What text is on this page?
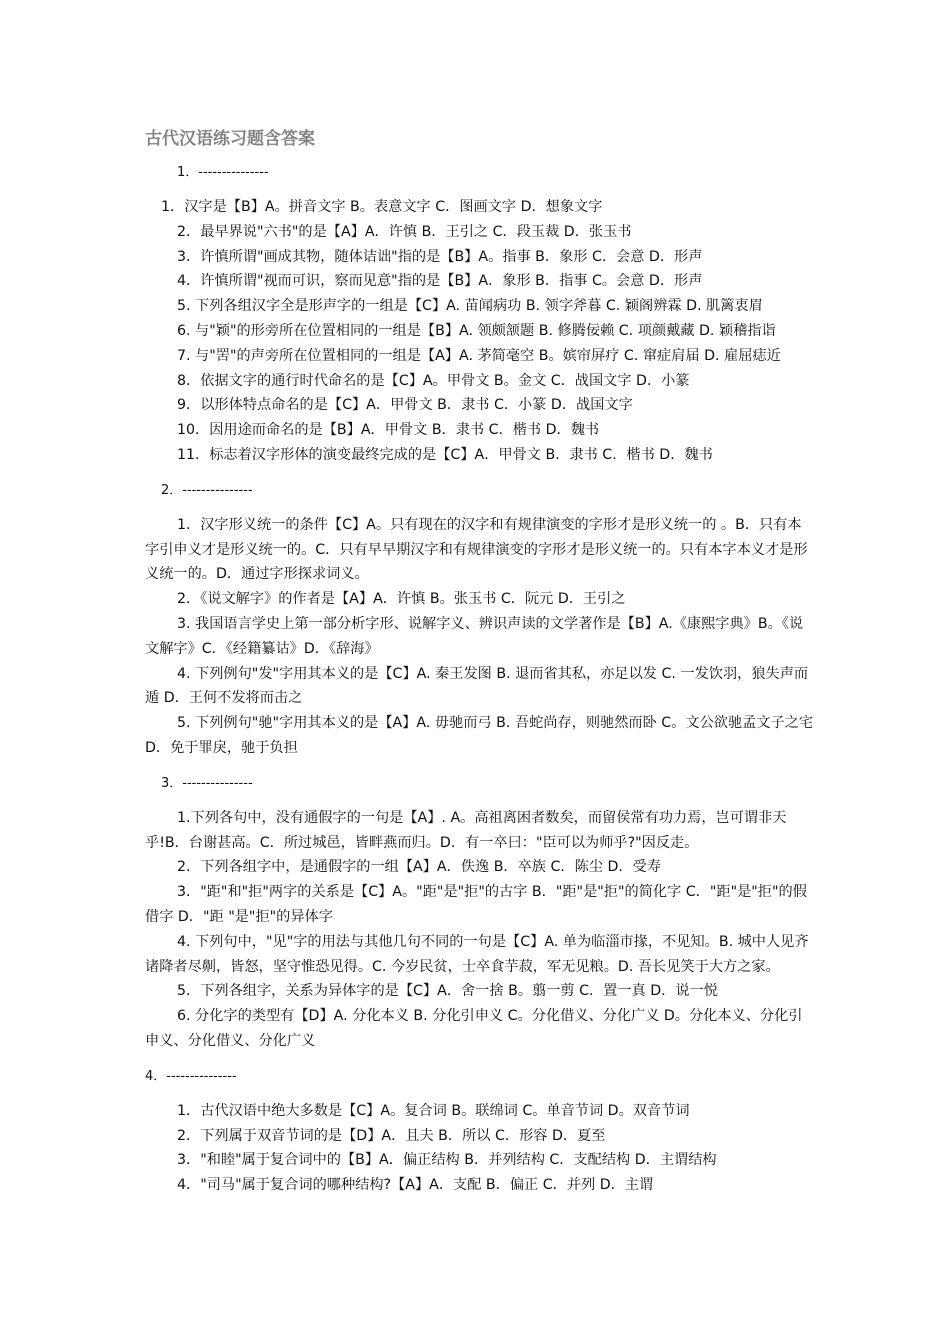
古代汉语练习题含答案

1．---------------

1．汉字是【B】A。拼音文字 B。表意文字 C．图画文字 D．想象文字

2．最早界说"六书"的是【A】A．许慎 B．王引之 C．段玉裁 D．张玉书

3．许慎所谓"画成其物，随体诘诎"指的是【B】A。指事 B．象形 C．会意 D．形声

4．许慎所谓"视而可识，察而见意"指的是【B】A．象形 B．指事 C。会意 D．形声

5. 下列各组汉字全是形声字的一组是【C】A. 苗闻病功 B. 领字斧暮 C. 颖阁辨霖 D. 肌篱衷眉

6. 与"颖"的形旁所在位置相同的一组是【B】A. 领颇颔题 B. 修腾佞赖 C. 项颜戴藏 D. 颖稽指诣

7. 与"罟"的声旁所在位置相同的一组是【A】A. 茅简毫空 B。嫔帘屏疗 C. 窜症肩届 D. 雇屈痣近

8．依据文字的通行时代命名的是【C】A。甲骨文 B。金文 C．战国文字 D．小篆

9．以形体特点命名的是【C】A．甲骨文 B．隶书 C．小篆 D．战国文字

10．因用途而命名的是【B】A．甲骨文 B．隶书 C．楷书 D．魏书

11．标志着汉字形体的演变最终完成的是【C】A．甲骨文 B．隶书 C．楷书 D．魏书

2．---------------

1．汉字形义统一的条件【C】A。只有现在的汉字和有规律演变的字形才是形义统一的 。B．只有本字引申义才是形义统一的。C．只有早早期汉字和有规律演变的字形才是形义统一的。只有本字本义才是形义统一的。D．通过字形探求词义。

2．《说文解字》的作者是【A】A．许慎 B。张玉书 C．阮元 D．王引之

3. 我国语言学史上第一部分析字形、说解字义、辨识声读的文学著作是【B】A.《康熙字典》B。《说文解字》C．《经籍纂诂》D．《辞海》

4. 下列例句"发"字用其本义的是【C】A. 秦王发图 B. 退而省其私，亦足以发 C. 一发饮羽，狼失声而遁 D．王何不发将而击之

5. 下列例句"驰"字用其本义的是【A】A. 毋驰而弓 B. 吾蛇尚存，则驰然而卧 C。文公欲驰孟文子之宅 D．免于罪戾，驰于负担

3．---------------

1.下列各句中，没有通假字的一句是【A】. A。高祖离困者数矣，而留侯常有功力焉，岂可谓非天乎!B．台谢甚高。C．所过城邑，皆畔燕而归。D．有一卒曰："臣可以为师乎?"因反走。

2．下列各组字中，是通假字的一组【A】A．佚逸 B．卒族 C．陈尘 D．受寿

3．"距"和"拒"两字的关系是【C】A。"距"是"拒"的古字 B．"距"是"拒"的简化字 C．"距"是"拒"的假借字 D．"距 "是"拒"的异体字

4. 下列句中，"见"字的用法与其他几句不同的一句是【C】A. 单为临淄市掾，不见知。B. 城中人见齐诸降者尽劓，皆怒，坚守惟恐见得。C. 今岁民贫，士卒食芋菽，军无见粮。D. 吾长见笑于大方之家。

5．下列各组字，关系为异体字的是【C】A．舍一捨 B。翦一剪 C．置一真 D．说一悦

6. 分化字的类型有【D】A. 分化本义 B. 分化引申义 C。分化借义、分化广义 D。分化本义、分化引申义、分化借义、分化广义

4．---------------

1．古代汉语中绝大多数是【C】A。复合词 B。联绵词 C。单音节词 D。双音节词

2．下列属于双音节词的是【D】A．且夫 B．所以 C．形容 D．夏至

3．"和睦"属于复合词中的【B】A．偏正结构 B．并列结构 C．支配结构 D．主谓结构

4．"司马"属于复合词的哪种结构?【A】A．支配 B．偏正 C．并列 D．主谓
